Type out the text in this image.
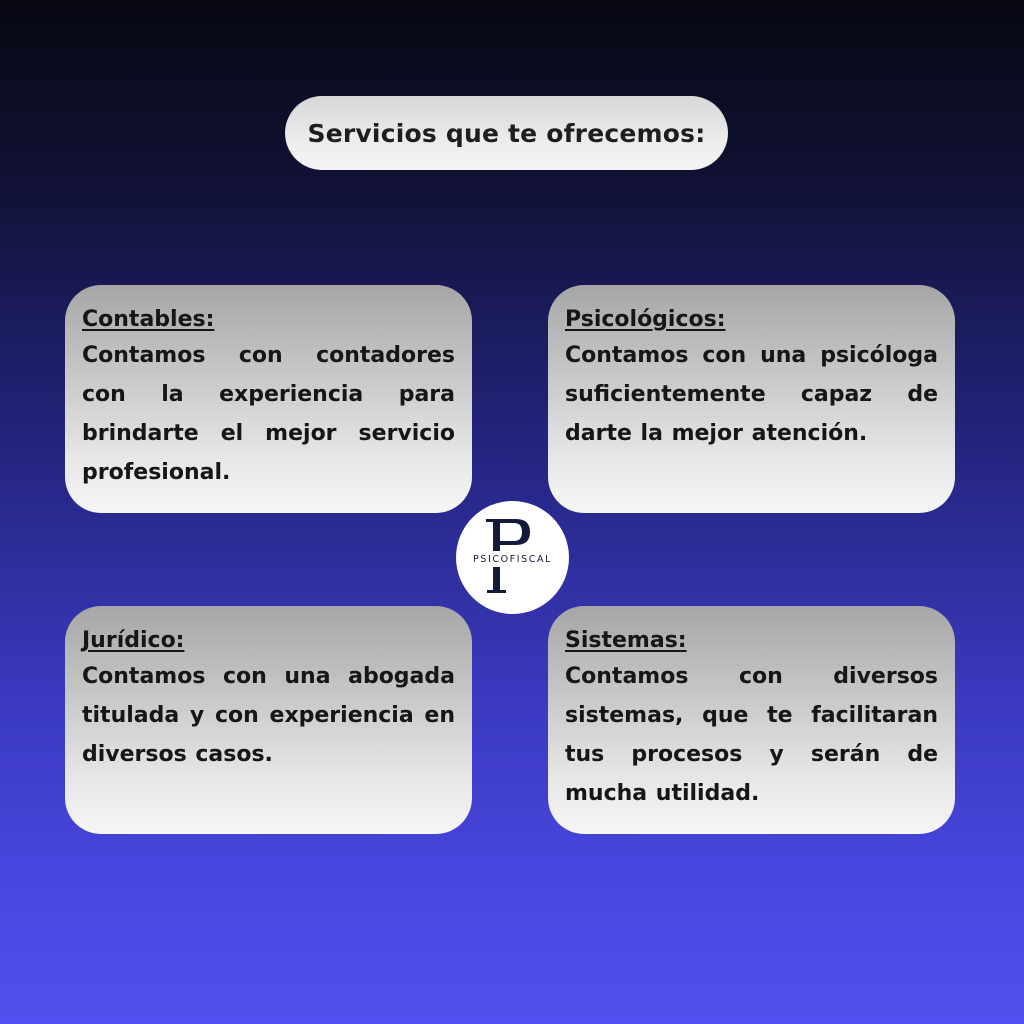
Servicios que te ofrecemos:

Contables:

Contamos con contadores con la experiencia para brindarte el mejor servicio profesional.

Psicológicos:

Contamos con una psicóloga suficientemente capaz de darte la mejor atención.

Jurídico:

Contamos con una abogada titulada y con experiencia en diversos casos.

Sistemas:

Contamos con diversos sistemas, que te facilitaran tus procesos y serán de mucha utilidad.

PSICOFISCAL
